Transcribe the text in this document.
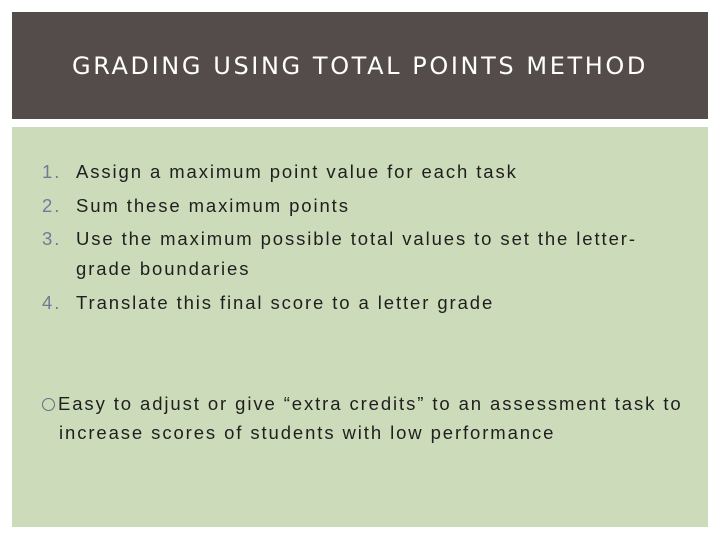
GRADING USING TOTAL POINTS METHOD
1. Assign a maximum point value for each task
2. Sum these maximum points
3. Use the maximum possible total values to set the letter-grade boundaries
4. Translate this final score to a letter grade
Easy to adjust or give “extra credits” to an assessment task to increase scores of students with low performance
